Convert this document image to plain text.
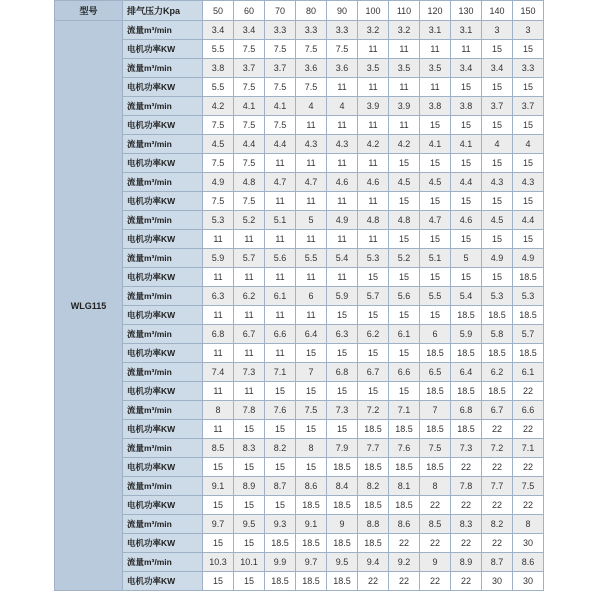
型号	排气压力Kpa	50	60	70	80	90	100	110	120	130	140	150
WLG115	流量m³/min	3.4	3.4	3.3	3.3	3.3	3.2	3.2	3.1	3.1	3	3
	电机功率KW	5.5	7.5	7.5	7.5	7.5	11	11	11	11	15	15
	流量m³/min	3.8	3.7	3.7	3.6	3.6	3.5	3.5	3.5	3.4	3.4	3.3
	电机功率KW	5.5	7.5	7.5	7.5	11	11	11	11	15	15	15
	流量m³/min	4.2	4.1	4.1	4	4	3.9	3.9	3.8	3.8	3.7	3.7
	电机功率KW	7.5	7.5	7.5	11	11	11	11	15	15	15	15
	流量m³/min	4.5	4.4	4.4	4.3	4.3	4.2	4.2	4.1	4.1	4	4
	电机功率KW	7.5	7.5	11	11	11	11	15	15	15	15	15
	流量m³/min	4.9	4.8	4.7	4.7	4.6	4.6	4.5	4.5	4.4	4.3	4.3
	电机功率KW	7.5	7.5	11	11	11	11	15	15	15	15	15
	流量m³/min	5.3	5.2	5.1	5	4.9	4.8	4.8	4.7	4.6	4.5	4.4
	电机功率KW	11	11	11	11	11	11	15	15	15	15	15
	流量m³/min	5.9	5.7	5.6	5.5	5.4	5.3	5.2	5.1	5	4.9	4.9
	电机功率KW	11	11	11	11	11	15	15	15	15	15	18.5
	流量m³/min	6.3	6.2	6.1	6	5.9	5.7	5.6	5.5	5.4	5.3	5.3
	电机功率KW	11	11	11	11	15	15	15	15	18.5	18.5	18.5
	流量m³/min	6.8	6.7	6.6	6.4	6.3	6.2	6.1	6	5.9	5.8	5.7
	电机功率KW	11	11	11	15	15	15	15	18.5	18.5	18.5	18.5
	流量m³/min	7.4	7.3	7.1	7	6.8	6.7	6.6	6.5	6.4	6.2	6.1
	电机功率KW	11	11	15	15	15	15	15	18.5	18.5	18.5	22
	流量m³/min	8	7.8	7.6	7.5	7.3	7.2	7.1	7	6.8	6.7	6.6
	电机功率KW	11	15	15	15	15	18.5	18.5	18.5	18.5	22	22
	流量m³/min	8.5	8.3	8.2	8	7.9	7.7	7.6	7.5	7.3	7.2	7.1
	电机功率KW	15	15	15	15	18.5	18.5	18.5	18.5	22	22	22
	流量m³/min	9.1	8.9	8.7	8.6	8.4	8.2	8.1	8	7.8	7.7	7.5
	电机功率KW	15	15	15	18.5	18.5	18.5	18.5	22	22	22	22
	流量m³/min	9.7	9.5	9.3	9.1	9	8.8	8.6	8.5	8.3	8.2	8
	电机功率KW	15	15	18.5	18.5	18.5	18.5	22	22	22	22	30
	流量m³/min	10.3	10.1	9.9	9.7	9.5	9.4	9.2	9	8.9	8.7	8.6
	电机功率KW	15	15	18.5	18.5	18.5	22	22	22	22	30	30
